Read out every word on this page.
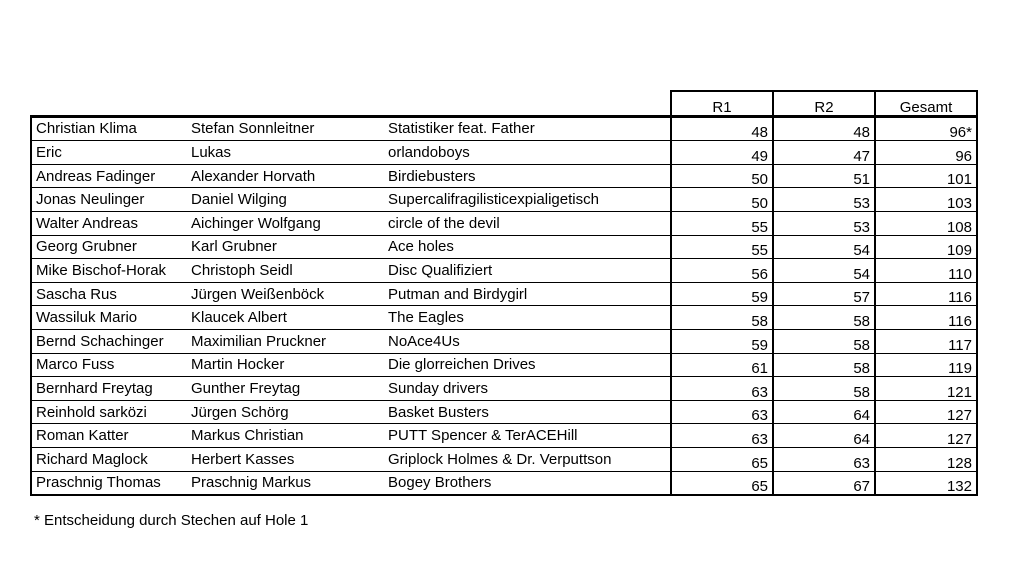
			R1	R2	Gesamt
Christian Klima	Stefan Sonnleitner	Statistiker feat. Father	48	48	96*
Eric	Lukas	orlandoboys	49	47	96
Andreas Fadinger	Alexander Horvath	Birdiebusters	50	51	101
Jonas Neulinger	Daniel Wilging	Supercalifragilisticexpialigetisch	50	53	103
Walter Andreas	Aichinger Wolfgang	circle of the devil	55	53	108
Georg Grubner	Karl Grubner	Ace holes	55	54	109
Mike Bischof-Horak	Christoph Seidl	Disc Qualifiziert	56	54	110
Sascha Rus	Jürgen Weißenböck	Putman and Birdygirl	59	57	116
Wassiluk Mario	Klaucek Albert	The Eagles	58	58	116
Bernd Schachinger	Maximilian Pruckner	NoAce4Us	59	58	117
Marco Fuss	Martin Hocker	Die glorreichen Drives	61	58	119
Bernhard Freytag	Gunther Freytag	Sunday drivers	63	58	121
Reinhold sarközi	Jürgen Schörg	Basket Busters	63	64	127
Roman Katter	Markus Christian	PUTT Spencer & TerACEHill	63	64	127
Richard Maglock	Herbert Kasses	Griplock Holmes & Dr. Verputtson	65	63	128
Praschnig Thomas	Praschnig Markus	Bogey Brothers	65	67	132
* Entscheidung durch Stechen auf Hole 1
